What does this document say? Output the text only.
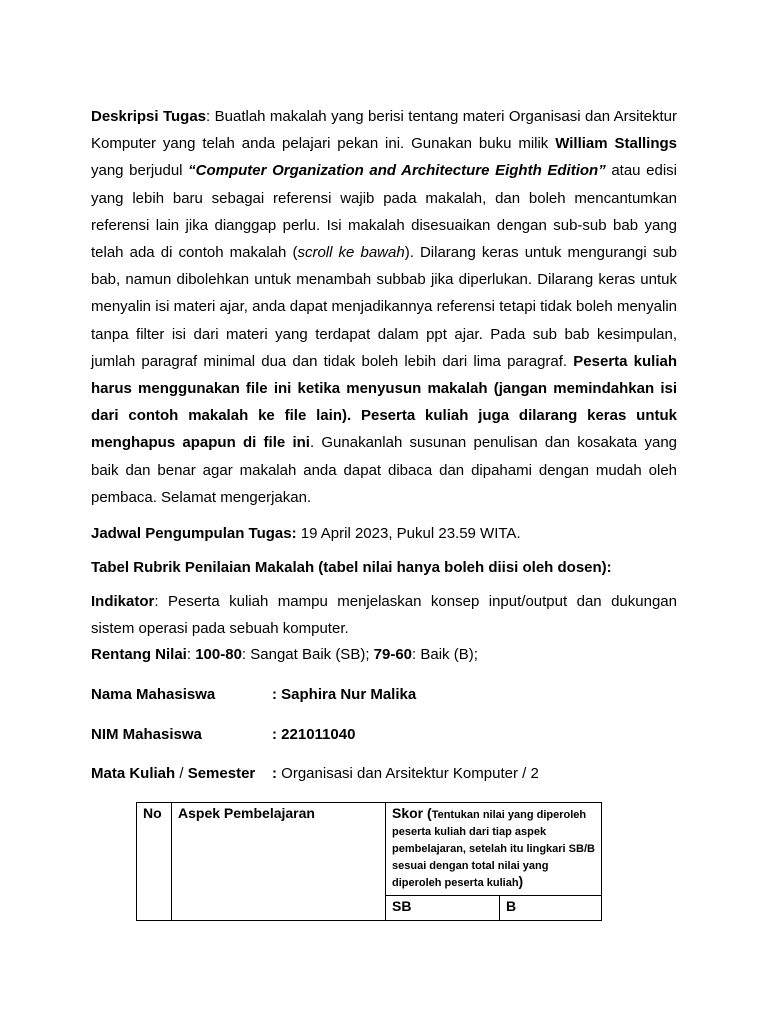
Deskripsi Tugas: Buatlah makalah yang berisi tentang materi Organisasi dan Arsitektur Komputer yang telah anda pelajari pekan ini. Gunakan buku milik William Stallings yang berjudul “Computer Organization and Architecture Eighth Edition” atau edisi yang lebih baru sebagai referensi wajib pada makalah, dan boleh mencantumkan referensi lain jika dianggap perlu. Isi makalah disesuaikan dengan sub-sub bab yang telah ada di contoh makalah (scroll ke bawah). Dilarang keras untuk mengurangi sub bab, namun dibolehkan untuk menambah subbab jika diperlukan. Dilarang keras untuk menyalin isi materi ajar, anda dapat menjadikannya referensi tetapi tidak boleh menyalin tanpa filter isi dari materi yang terdapat dalam ppt ajar. Pada sub bab kesimpulan, jumlah paragraf minimal dua dan tidak boleh lebih dari lima paragraf. Peserta kuliah harus menggunakan file ini ketika menyusun makalah (jangan memindahkan isi dari contoh makalah ke file lain). Peserta kuliah juga dilarang keras untuk menghapus apapun di file ini. Gunakanlah susunan penulisan dan kosakata yang baik dan benar agar makalah anda dapat dibaca dan dipahami dengan mudah oleh pembaca. Selamat mengerjakan.

Jadwal Pengumpulan Tugas: 19 April 2023, Pukul 23.59 WITA.

Tabel Rubrik Penilaian Makalah (tabel nilai hanya boleh diisi oleh dosen):

Indikator: Peserta kuliah mampu menjelaskan konsep input/output dan dukungan sistem operasi pada sebuah komputer.

Rentang Nilai: 100-80: Sangat Baik (SB); 79-60: Baik (B);

Nama Mahasiswa	: Saphira Nur Malika
NIM Mahasiswa	: 221011040
Mata Kuliah / Semester : Organisasi dan Arsitektur Komputer / 2
No	Aspek Pembelajaran	Skor (Tentukan nilai yang diperoleh peserta kuliah dari tiap aspek pembelajaran, setelah itu lingkari SB/B sesuai dengan total nilai yang diperoleh peserta kuliah)	
		SB	B
